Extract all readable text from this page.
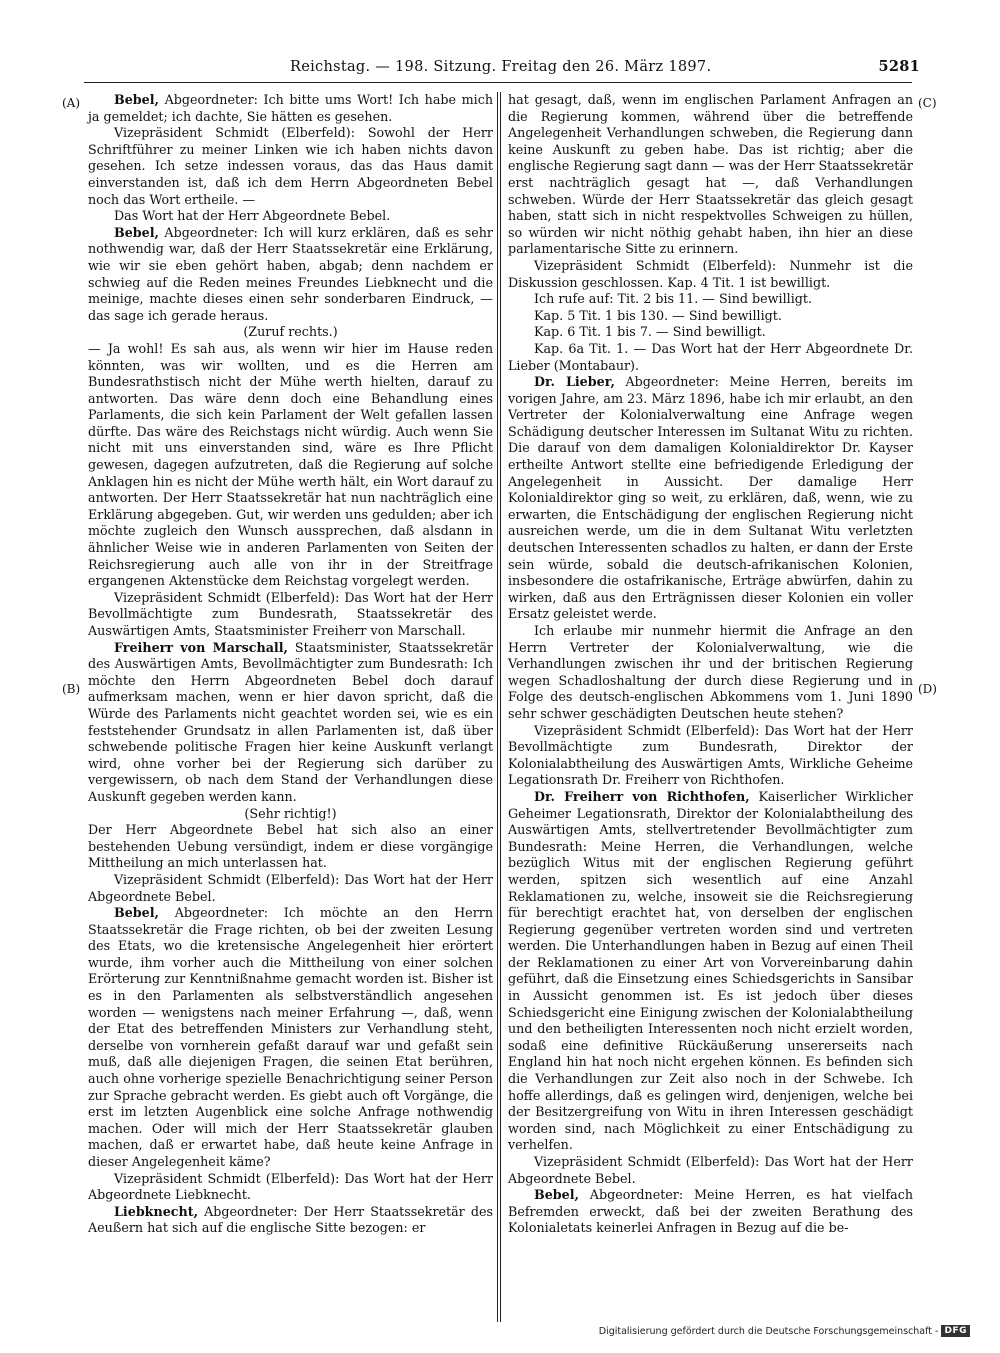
Reichstag. — 198. Sitzung. Freitag den 26. März 1897.	5281
(A)
(B)
(C)
(D)

Bebel, Abgeordneter: Ich bitte ums Wort! Ich habe mich ja gemeldet; ich dachte, Sie hätten es gesehen.

Vizepräsident Schmidt (Elberfeld): Sowohl der Herr Schriftführer zu meiner Linken wie ich haben nichts davon gesehen. Ich setze indessen voraus, das das Haus damit einverstanden ist, daß ich dem Herrn Abgeordneten Bebel noch das Wort ertheile. —

Das Wort hat der Herr Abgeordnete Bebel.

Bebel, Abgeordneter: Ich will kurz erklären, daß es sehr nothwendig war, daß der Herr Staatssekretär eine Erklärung, wie wir sie eben gehört haben, abgab; denn nachdem er schwieg auf die Reden meines Freundes Liebknecht und die meinige, machte dieses einen sehr sonderbaren Eindruck, — das sage ich gerade heraus.

(Zuruf rechts.)

— Ja wohl! Es sah aus, als wenn wir hier im Hause reden könnten, was wir wollten, und es die Herren am Bundesrathstisch nicht der Mühe werth hielten, darauf zu antworten. Das wäre denn doch eine Behandlung eines Parlaments, die sich kein Parlament der Welt gefallen lassen dürfte. Das wäre des Reichstags nicht würdig. Auch wenn Sie nicht mit uns einverstanden sind, wäre es Ihre Pflicht gewesen, dagegen aufzutreten, daß die Regierung auf solche Anklagen hin es nicht der Mühe werth hält, ein Wort darauf zu antworten. Der Herr Staatssekretär hat nun nachträglich eine Erklärung abgegeben. Gut, wir werden uns gedulden; aber ich möchte zugleich den Wunsch aussprechen, daß alsdann in ähnlicher Weise wie in anderen Parlamenten von Seiten der Reichsregierung auch alle von ihr in der Streitfrage ergangenen Aktenstücke dem Reichstag vorgelegt werden.

Vizepräsident Schmidt (Elberfeld): Das Wort hat der Herr Bevollmächtigte zum Bundesrath, Staatssekretär des Auswärtigen Amts, Staatsminister Freiherr von Marschall.

Freiherr von Marschall, Staatsminister, Staatssekretär des Auswärtigen Amts, Bevollmächtigter zum Bundesrath: Ich möchte den Herrn Abgeordneten Bebel doch darauf aufmerksam machen, wenn er hier davon spricht, daß die Würde des Parlaments nicht geachtet worden sei, wie es ein feststehender Grundsatz in allen Parlamenten ist, daß über schwebende politische Fragen hier keine Auskunft verlangt wird, ohne vorher bei der Regierung sich darüber zu vergewissern, ob nach dem Stand der Verhandlungen diese Auskunft gegeben werden kann.

(Sehr richtig!)

Der Herr Abgeordnete Bebel hat sich also an einer bestehenden Uebung versündigt, indem er diese vorgängige Mittheilung an mich unterlassen hat.

Vizepräsident Schmidt (Elberfeld): Das Wort hat der Herr Abgeordnete Bebel.

Bebel, Abgeordneter: Ich möchte an den Herrn Staatssekretär die Frage richten, ob bei der zweiten Lesung des Etats, wo die kretensische Angelegenheit hier erörtert wurde, ihm vorher auch die Mittheilung von einer solchen Erörterung zur Kenntnißnahme gemacht worden ist. Bisher ist es in den Parlamenten als selbstverständlich angesehen worden — wenigstens nach meiner Erfahrung —, daß, wenn der Etat des betreffenden Ministers zur Verhandlung steht, derselbe von vornherein gefaßt darauf war und gefaßt sein muß, daß alle diejenigen Fragen, die seinen Etat berühren, auch ohne vorherige spezielle Benachrichtigung seiner Person zur Sprache gebracht werden. Es giebt auch oft Vorgänge, die erst im letzten Augenblick eine solche Anfrage nothwendig machen. Oder will mich der Herr Staatssekretär glauben machen, daß er erwartet habe, daß heute keine Anfrage in dieser Angelegenheit käme?

Vizepräsident Schmidt (Elberfeld): Das Wort hat der Herr Abgeordnete Liebknecht.

Liebknecht, Abgeordneter: Der Herr Staatssekretär des Aeußern hat sich auf die englische Sitte bezogen: er

hat gesagt, daß, wenn im englischen Parlament Anfragen an die Regierung kommen, während über die betreffende Angelegenheit Verhandlungen schweben, die Regierung dann keine Auskunft zu geben habe. Das ist richtig; aber die englische Regierung sagt dann — was der Herr Staatssekretär erst nachträglich gesagt hat —, daß Verhandlungen schweben. Würde der Herr Staatssekretär das gleich gesagt haben, statt sich in nicht respektvolles Schweigen zu hüllen, so würden wir nicht nöthig gehabt haben, ihn hier an diese parlamentarische Sitte zu erinnern.

Vizepräsident Schmidt (Elberfeld): Nunmehr ist die Diskussion geschlossen. Kap. 4 Tit. 1 ist bewilligt.

Ich rufe auf: Tit. 2 bis 11. — Sind bewilligt.

Kap. 5 Tit. 1 bis 130. — Sind bewilligt.

Kap. 6 Tit. 1 bis 7. — Sind bewilligt.

Kap. 6a Tit. 1. — Das Wort hat der Herr Abgeordnete Dr. Lieber (Montabaur).

Dr. Lieber, Abgeordneter: Meine Herren, bereits im vorigen Jahre, am 23. März 1896, habe ich mir erlaubt, an den Vertreter der Kolonialverwaltung eine Anfrage wegen Schädigung deutscher Interessen im Sultanat Witu zu richten. Die darauf von dem damaligen Kolonialdirektor Dr. Kayser ertheilte Antwort stellte eine befriedigende Erledigung der Angelegenheit in Aussicht. Der damalige Herr Kolonialdirektor ging so weit, zu erklären, daß, wenn, wie zu erwarten, die Entschädigung der englischen Regierung nicht ausreichen werde, um die in dem Sultanat Witu verletzten deutschen Interessenten schadlos zu halten, er dann der Erste sein würde, sobald die deutsch-afrikanischen Kolonien, insbesondere die ostafrikanische, Erträge abwürfen, dahin zu wirken, daß aus den Erträgnissen dieser Kolonien ein voller Ersatz geleistet werde.

Ich erlaube mir nunmehr hiermit die Anfrage an den Herrn Vertreter der Kolonialverwaltung, wie die Verhandlungen zwischen ihr und der britischen Regierung wegen Schadloshaltung der durch diese Regierung und in Folge des deutsch-englischen Abkommens vom 1. Juni 1890 sehr schwer geschädigten Deutschen heute stehen?

Vizepräsident Schmidt (Elberfeld): Das Wort hat der Herr Bevollmächtigte zum Bundesrath, Direktor der Kolonialabtheilung des Auswärtigen Amts, Wirkliche Geheime Legationsrath Dr. Freiherr von Richthofen.

Dr. Freiherr von Richthofen, Kaiserlicher Wirklicher Geheimer Legationsrath, Direktor der Kolonialabtheilung des Auswärtigen Amts, stellvertretender Bevollmächtigter zum Bundesrath: Meine Herren, die Verhandlungen, welche bezüglich Witus mit der englischen Regierung geführt werden, spitzen sich wesentlich auf eine Anzahl Reklamationen zu, welche, insoweit sie die Reichsregierung für berechtigt erachtet hat, von derselben der englischen Regierung gegenüber vertreten worden sind und vertreten werden. Die Unterhandlungen haben in Bezug auf einen Theil der Reklamationen zu einer Art von Vorvereinbarung dahin geführt, daß die Einsetzung eines Schiedsgerichts in Sansibar in Aussicht genommen ist. Es ist jedoch über dieses Schiedsgericht eine Einigung zwischen der Kolonialabtheilung und den betheiligten Interessenten noch nicht erzielt worden, sodaß eine definitive Rückäußerung unsererseits nach England hin hat noch nicht ergehen können. Es befinden sich die Verhandlungen zur Zeit also noch in der Schwebe. Ich hoffe allerdings, daß es gelingen wird, denjenigen, welche bei der Besitzergreifung von Witu in ihren Interessen geschädigt worden sind, nach Möglichkeit zu einer Entschädigung zu verhelfen.

Vizepräsident Schmidt (Elberfeld): Das Wort hat der Herr Abgeordnete Bebel.

Bebel, Abgeordneter: Meine Herren, es hat vielfach Befremden erweckt, daß bei der zweiten Berathung des Kolonialetats keinerlei Anfragen in Bezug auf die be-

Digitalisierung gefördert durch die Deutsche Forschungsgemeinschaft - DFG
